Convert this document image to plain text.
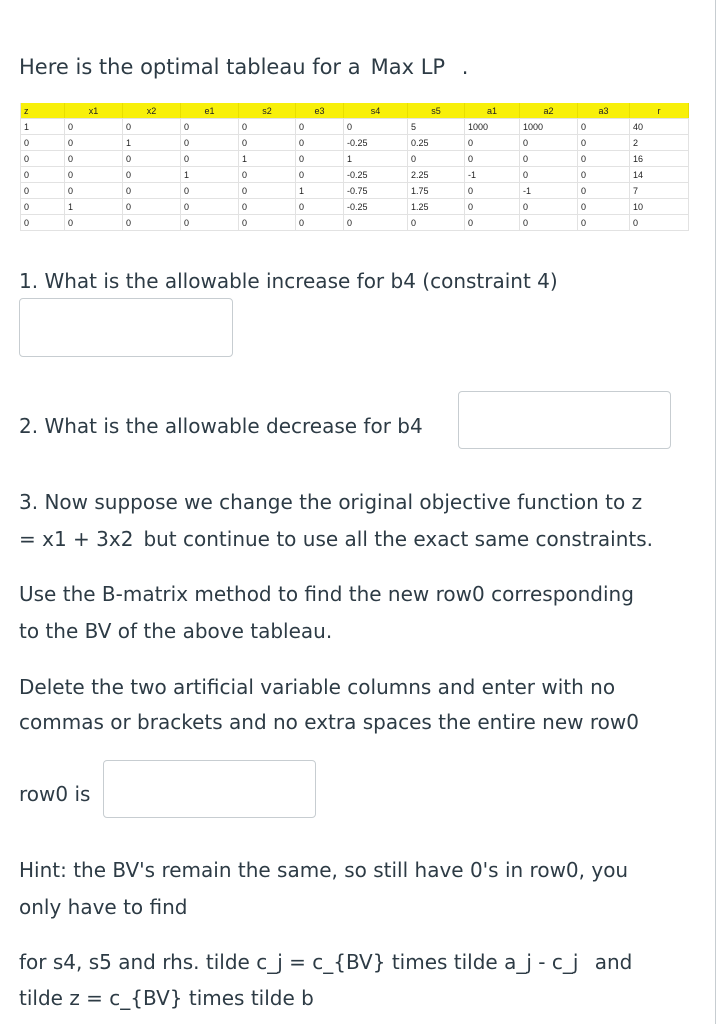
Here is the optimal tableau for a Max LP .
z	x1	x2	e1	s2	e3	s4	s5	a1	a2	a3	r
1	0	0	0	0	0	0	5	1000	1000	0	40
0	0	1	0	0	0	-0.25	0.25	0	0	0	2
0	0	0	0	1	0	1	0	0	0	0	16
0	0	0	1	0	0	-0.25	2.25	-1	0	0	14
0	0	0	0	0	1	-0.75	1.75	0	-1	0	7
0	1	0	0	0	0	-0.25	1.25	0	0	0	10
0	0	0	0	0	0	0	0	0	0	0	0
1. What is the allowable increase for b4 (constraint 4)
2. What is the allowable decrease for b4
3. Now suppose we change the original objective function to z
= x1 + 3x2 but continue to use all the exact same constraints.
Use the B-matrix method to find the new row0 corresponding
to the BV of the above tableau.
Delete the two artificial variable columns and enter with no
commas or brackets and no extra spaces the entire new row0
row0 is
Hint: the BV's remain the same, so still have 0's in row0, you
only have to find
for s4, s5 and rhs. tilde c_j = c_{BV} times tilde a_j - c_j and
tilde z = c_{BV} times tilde b
